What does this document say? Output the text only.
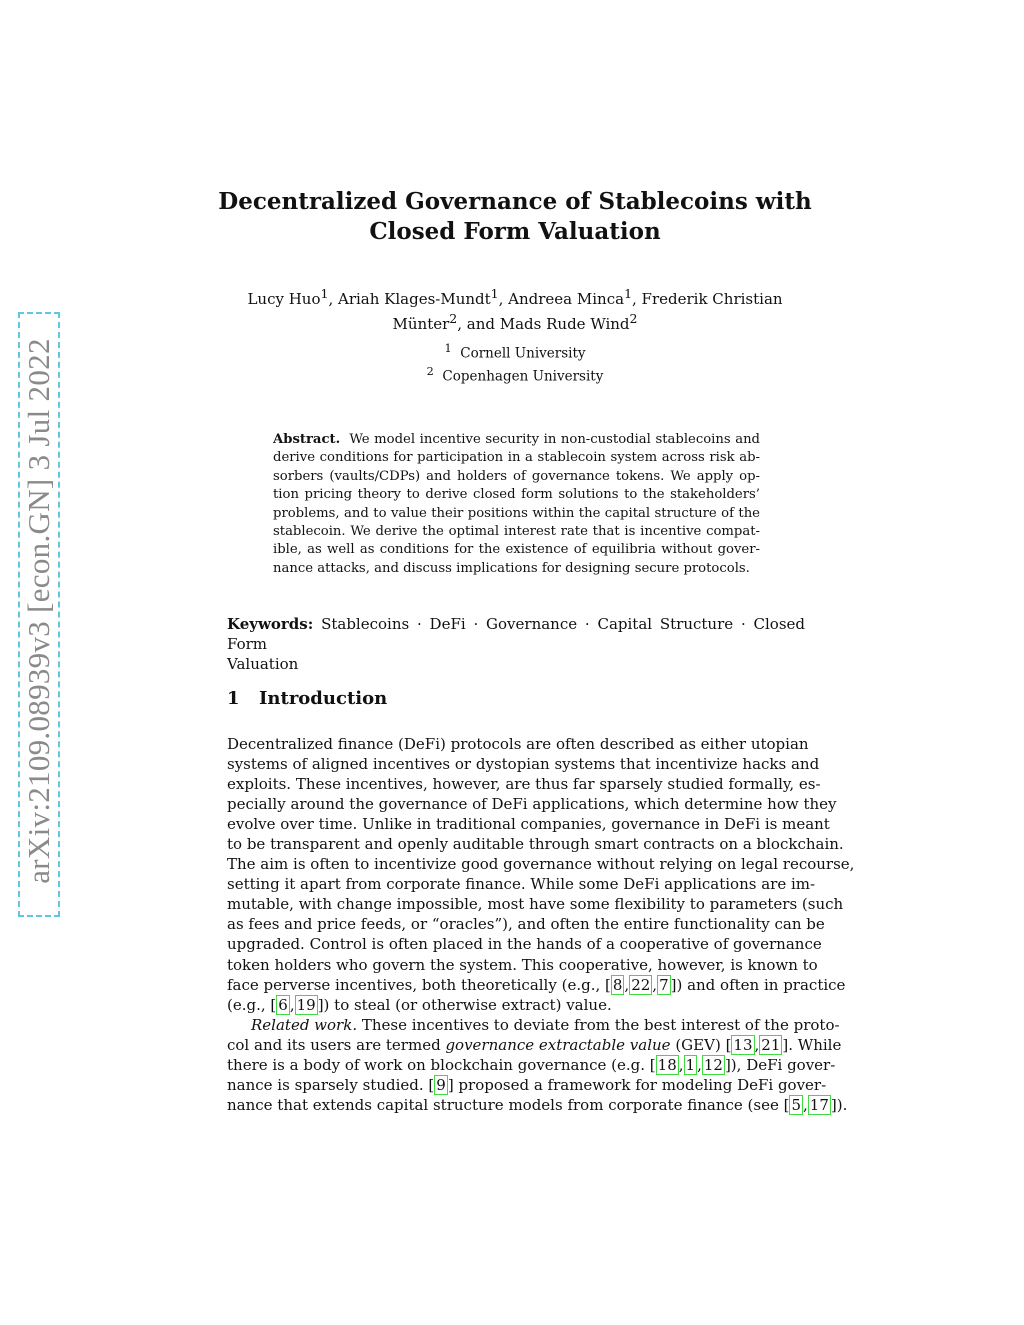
arXiv:2109.08939v3 [econ.GN] 3 Jul 2022
Decentralized Governance of Stablecoins with
Closed Form Valuation
Lucy Huo$^1$, Ariah Klages-Mundt$^1$, Andreea Minca$^1$, Frederik Christian
Münter$^2$, and Mads Rude Wind$^2$
$^1$ Cornell University
$^2$ Copenhagen University
Abstract. We model incentive security in non-custodial stablecoins and
derive conditions for participation in a stablecoin system across risk ab-
sorbers (vaults/CDPs) and holders of governance tokens. We apply op-
tion pricing theory to derive closed form solutions to the stakeholders’
problems, and to value their positions within the capital structure of the
stablecoin. We derive the optimal interest rate that is incentive compat-
ible, as well as conditions for the existence of equilibria without gover-
nance attacks, and discuss implications for designing secure protocols.
Keywords: Stablecoins · DeFi · Governance · Capital Structure · Closed Form
Valuation
1 Introduction
Decentralized finance (DeFi) protocols are often described as either utopian
systems of aligned incentives or dystopian systems that incentivize hacks and
exploits. These incentives, however, are thus far sparsely studied formally, es-
pecially around the governance of DeFi applications, which determine how they
evolve over time. Unlike in traditional companies, governance in DeFi is meant
to be transparent and openly auditable through smart contracts on a blockchain.
The aim is often to incentivize good governance without relying on legal recourse,
setting it apart from corporate finance. While some DeFi applications are im-
mutable, with change impossible, most have some flexibility to parameters (such
as fees and price feeds, or “oracles”), and often the entire functionality can be
upgraded. Control is often placed in the hands of a cooperative of governance
token holders who govern the system. This cooperative, however, is known to
face perverse incentives, both theoretically (e.g., [ 8 , 22 , 7 ]) and often in practice
(e.g., [ 6 , 19 ]) to steal (or otherwise extract) value.
Related work. These incentives to deviate from the best interest of the proto-
col and its users are termed governance extractable value (GEV) [ 13 , 21 ]. While
there is a body of work on blockchain governance (e.g. [ 18 , 1 , 12 ]), DeFi gover-
nance is sparsely studied. [ 9 ] proposed a framework for modeling DeFi gover-
nance that extends capital structure models from corporate finance (see [ 5 , 17 ]).
